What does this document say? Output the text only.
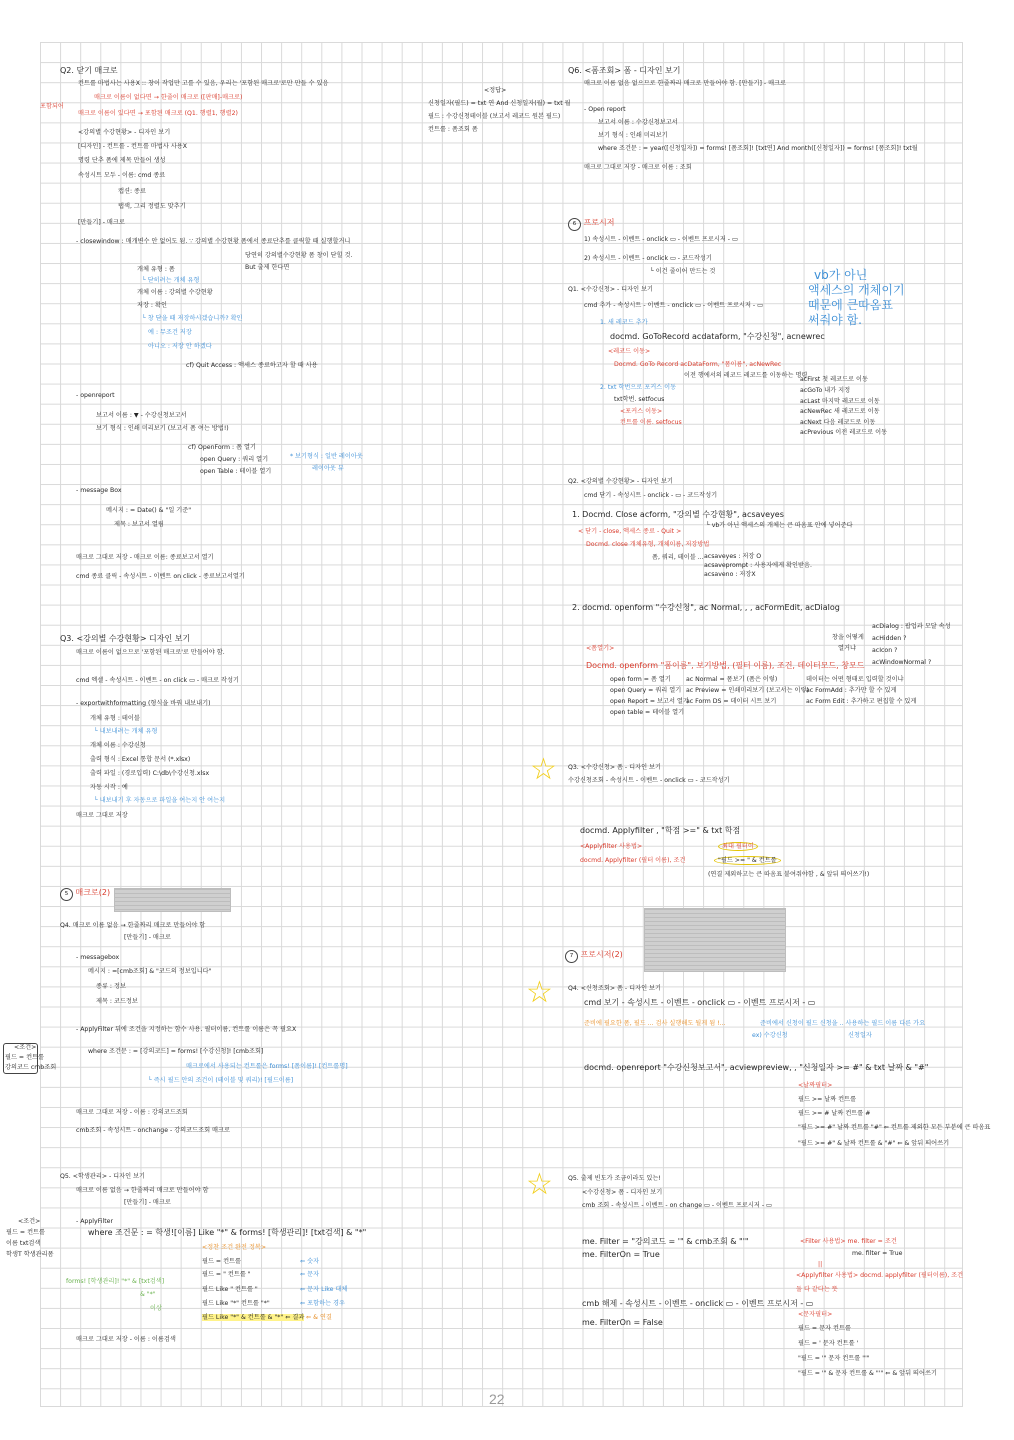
Q2. 닫기 매크로
컨트롤 마법사는 사용X :: 창이 작업만 고를 수 있음, 우리는 '포함된 매크로'로만 만들 수 있음
매크로 이름이 없다면 → 한줄이 매크로 ([판매]-매크로)
포함되어
매크로 이름이 있다면 → 포함된 매크로 (Q1. 행렬1, 행렬2)
<강의별 수강현황> - 디자인 보기
[디자인] - 컨트롤 - 컨트롤 마법사 사용X
명령 단추 폼에 제목 만들어 생성
속성시트 모두 - 이름: cmd 종료
캡션: 종료
탭색, 그리 정렬도 맞추기
[만들기] - 매크로
- closewindow : 매개변수 안 없어도 됨. ∵ 강의별 수강현황 폼에서 종료단추를 클릭할 때 실행할거니
당연히 강의별수강현황 폼 창이 닫힐 것.
But 출제 한다면
개체 유형 : 폼
└ 닫히려는 개체 유형
개체 이름 : 강의별 수강현황
저장 : 확인
└ 창 닫을 때 저장하시겠습니까? 확인
예 : 무조건 저장
아니오 : 저장 안 하겠다
cf) Quit Access : 액세스 종료하고자 할 때 사용
- openreport
보고서 이름 : ▼ - 수강신청보고서
보기 형식 : 인쇄 미리보기 (보고서 폼 여는 방법!)
cf) OpenForm : 폼 열기
open Query : 쿼리 열기
open Table : 테이블 열기
* 보기형식 : 일반 레이아웃
레이아웃 뷰
- message Box
메시지 : = Date() & "일 기준"
제목 : 보고서 열림
매크로 그대로 저장 - 매크로 이름: 종료보고서 열기
cmd 종료 클릭 - 속성시트 - 이벤트 on click - 종료보고서열기
Q3. <강의별 수강현황> 디자인 보기
매크로 이름이 없으므로 '포함된 매크로'로 만들어야 함.
cmd 엑셀 - 속성시트 - 이벤트 - on click ▭ - 매크로 작성기
- exportwithformatting (형식을 바꿔 내보내기)
개체 유형 : 테이블
└ 내보내려는 개체 유형
개체 이름 : 수강신청
출력 형식 : Excel 통합 문서 (*.xlsx)
출력 파일 : (경로입력) C:\db\수강신청.xlsx
자동 시작 : 예
└ 내보내기 후 자동으로 파일을 여는지 안 여는지
매크로 그대로 저장
5 매크로(2)
Q4. 매크로 이름 없음 → 한줄짜리 매크로 만들어야 함
[만들기] - 매크로
- messagebox
메시지 : =[cmb조회] & "코드의 정보입니다"
종류 : 정보
제목 : 코드정보
- ApplyFilter 뒤에 조건을 지정하는 함수 사용. 필터이름, 컨트롤 이름은 꼭 필요X
where 조건문 : = [강의코드] = forms! [수강신청]! [cmb조회]
매크로에서 사용되는 컨트롤은 forms! [폼이름]! [컨트롤명]
└ 즉시 필드 안의 조건이 (테이블 및 쿼리)! [필드이름]
<조건>
필드 = 컨트롤
강의코드 cmb조회
매크로 그대로 저장 - 이름 : 강의코드조회
cmb조회 - 속성시트 - onchange - 강의코드조회 매크로
Q5. <학생관리> - 디자인 보기
매크로 이름 없음 → 한줄짜리 매크로 만들어야 함
[만들기] - 매크로
- ApplyFilter
where 조건문 : = 학생![이름] Like "*" & forms! [학생관리]! [txt검색] & "*"
<정찬 조건 완전 정복>
필드 = 컨트롤
필드 = " 컨트롤 "
필드 Like " 컨트롤 "
필드 Like "*" 컨트롤 "*"
필드 Like "*" & 컨트롤 & "*" ⇐ 결과
⇐ 숫자
⇐ 문자
⇐ 문자 Like 대체
⇐ 포함하는 경우
⇐ & 연결
forms! [학생관리]! "*" & [txt검색]
& "*"
이상
매크로 그대로 저장 - 이름 : 이름검색
<조건>
필드 = 컨트롤
이름 txt검색
학생T 학생관리폼
<정답>
신청일자(필드) = txt 연 And 신청일자(월) = txt 월
필드 : 수강신청테이블 (보고서 레코드 원본 필드)
컨트롤 : 폼조회 폼
Q6. <폼조회> 폼 - 디자인 보기
매크로 이름 없음 없으므로 한줄짜리 매크로 만들어야 함. [만들기] - 매크로
- Open report
보고서 이름 : 수강신청보고서
보기 형식 : 인쇄 미리보기
where 조건문 : = year([신청일자]) = forms! [폼조회]! [txt연] And month([신청일자]) = forms! [폼조회]! txt월
매크로 그대로 저장 - 매크로 이름 : 조회
6 프로시저
1) 속성시트 - 이벤트 - onclick ▭ - 이벤트 프로시저 - ▭
2) 속성시트 - 이벤트 - onclick ▭ - 코드작성기
└ 이건 줄이어 만드는 것
Q1. <수강신청> - 디자인 보기
cmd 추가 - 속성시트 - 이벤트 - onclick ▭ - 이벤트 프로시저 - ▭
1. 새 레코드 추가
docmd. GoToRecord acdataform, "수강신청", acnewrec
<레코드 이동>
Docmd. GoTo Record acDataForm, "폼이름", acNewRec
이전 행에서의 레코드 레코드를 이동하는 명령
2. txt 학번으로 포커스 이동
txt학번. setfocus
<포커스 이동>
컨트롤 이름. setfocus
acFirst 첫 레코드로 이동
acGoTo 내가 지정
acLast 마지막 레코드로 이동
acNewRec 새 레코드로 이동
acNext 다음 레코드로 이동
acPrevious 이전 레코드로 이동
vb가 아닌
액세스의 개체이기
때문에 큰따옴표
써줘야 함.
Q2. <강의별 수강현황> - 디자인 보기
cmd 닫기 - 속성시트 - onclick - ▭ - 코드작성기
1. Docmd. Close acform, "강의별 수강현황", acsaveyes
└ vb가 아닌 액세스의 개체는 큰 따옴표 안에 넣어준다
< 닫기 - close, 액세스 종료 - Quit >
Docmd. close 개체유형, 개체이름, 저장방법
폼, 쿼리, 테이블 ... acsaveyes : 저장 O
acsaveprompt : 사용자에게 확인받음.
acsaveno : 저장X
2. docmd. openform "수강신청", ac Normal, , , acFormEdit, acDialog
acDialog : 팝업과 모달 속성
acHidden ?
acIcon ?
acWindowNormal ?
창을 어떻게
열거냐
<폼열기>
Docmd. openform "폼이름", 보기방법, (필터 이름), 조건, 데이터모드, 창모드
open form = 폼 열기
open Query = 쿼리 열기
open Report = 보고서 열기
open table = 테이블 열기
ac Normal = 폼보기 (폼은 이렇)
ac Preview = 인쇄미리보기 (보고서는 이렇)
ac Form DS = 데이터 시트 보기
데이터는 어떤 형태로 입력할 것이냐
ac FormAdd : 추가만 할 수 있게
ac Form Edit : 추가하고 편집할 수 있게
☆ Q3. <수강신청> 폼 - 디자인 보기
수강신청조회 - 속성시트 - 이벤트 - onclick ▭ - 코드작성기
docmd. Applyfilter , "학점 >=" & txt 학점
<Applyfilter 사용법>
docmd. Applyfilter (필터 이름), 조건	"필드 >= " & 컨트롤
최대 필터이
(연결 제외하고는 큰 따옴표 붙여줘야함 , & 앞뒤 띄어쓰기!)
7 프로시저(2)
☆ Q4. <신청조회> 폼 - 디자인 보기
cmd 보기 - 속성시트 - 이벤트 - onclick ▭ - 이벤트 프로시저 - ▭
준비에 필요한 폼, 필드 ... 검사 실행해도 될게 됨 !...	준비에서 신청이 필드 신청을 .. 사용하는 필드 이름 다른 가요
ex) 수강신청	신청일자
docmd. openreport "수강신청보고서", acviewpreview, , "신청일자 >= #" & txt 날짜 & "#"
<날짜필터>
필드 >= 날짜 컨트롤
필드 >= # 날짜 컨트롤 #
"필드 >= #" 날짜 컨트롤 "#" ⇐ 컨트롤 제외한 모든 부분에 큰 따옴표
"필드 >= #" & 날짜 컨트롤 & "#" ⇐ & 앞뒤 띄어쓰기
☆ Q5. 출제 빈도가 조금이라도 있는!
<수강신청> 폼 - 디자인 보기
cmb 조회 - 속성시트 - 이벤트 - on change ▭ - 이벤트 프로시저 - ▭
me. Filter = "강의코드 = '" & cmb조회 & "'"
me. FilterOn = True
<Filter 사용법> me. filter = 조건
me. filter = True
||
<Applyfilter 사용법> docmd. applyfilter (필터이름), 조건
둘 다 같다는 뜻
cmb 해제 - 속성시트 - 이벤트 - onclick ▭ - 이벤트 프로시저 - ▭
me. FilterOn = False
<문자필터>
필드 = 문자 컨트롤
필드 = ' 문자 컨트롤 '
"필드 = '" 문자 컨트롤 "'"
"필드 = '" & 문자 컨트롤 & "'" ⇐ & 앞뒤 띄어쓰기
22
